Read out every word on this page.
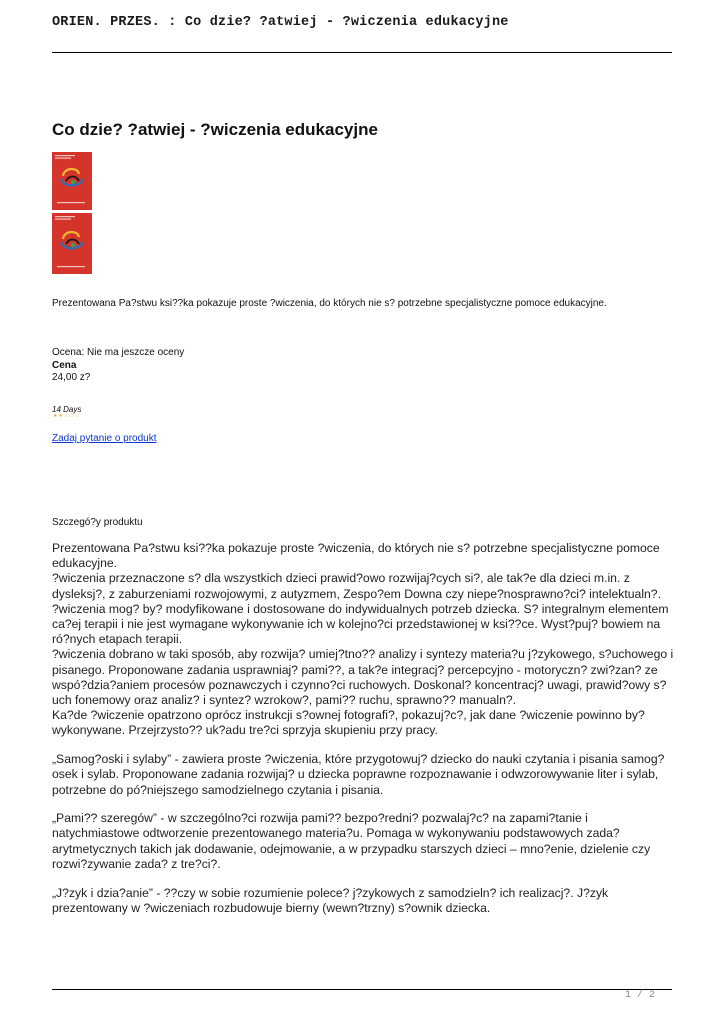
ORIEN. PRZES. : Co dzie? ?atwiej - ?wiczenia edukacyjne
Co dzie? ?atwiej - ?wiczenia edukacyjne
Prezentowana Pa?stwu ksi??ka pokazuje proste ?wiczenia, do których nie s? potrzebne specjalistyczne pomoce edukacyjne.
Ocena: Nie ma jeszcze oceny
Cena
24,00 z?
14 Days
★★☆☆☆
Zadaj pytanie o produkt
Szczegó?y produktu

Prezentowana Pa?stwu ksi??ka pokazuje proste ?wiczenia, do których nie s? potrzebne specjalistyczne pomoce edukacyjne.
?wiczenia przeznaczone s? dla wszystkich dzieci prawid?owo rozwijaj?cych si?, ale tak?e dla dzieci m.in. z dysleksj?, z zaburzeniami rozwojowymi, z autyzmem, Zespo?em Downa czy niepe?nosprawno?ci? intelektualn?.
?wiczenia mog? by? modyfikowane i dostosowane do indywidualnych potrzeb dziecka. S? integralnym elementem ca?ej terapii i nie jest wymagane wykonywanie ich w kolejno?ci przedstawionej w ksi??ce. Wyst?puj? bowiem na ró?nych etapach terapii.
?wiczenia dobrano w taki sposób, aby rozwija? umiej?tno?? analizy i syntezy materia?u j?zykowego, s?uchowego i pisanego. Proponowane zadania usprawniaj? pami??, a tak?e integracj? percepcyjno - motoryczn? zwi?zan? ze wspó?dzia?aniem procesów poznawczych i czynno?ci ruchowych. Doskonal? koncentracj? uwagi, prawid?owy s?uch fonemowy oraz analiz? i syntez? wzrokow?, pami?? ruchu, sprawno?? manualn?.
Ka?de ?wiczenie opatrzono oprócz instrukcji s?ownej fotografi?, pokazuj?c?, jak dane ?wiczenie powinno by? wykonywane. Przejrzysto?? uk?adu tre?ci sprzyja skupieniu przy pracy.

„Samog?oski i sylaby” - zawiera proste ?wiczenia, które przygotowuj? dziecko do nauki czytania i pisania samog?osek i sylab. Proponowane zadania rozwijaj? u dziecka poprawne rozpoznawanie i odwzorowywanie liter i sylab, potrzebne do pó?niejszego samodzielnego czytania i pisania.

„Pami?? szeregów” - w szczególno?ci rozwija pami?? bezpo?redni? pozwalaj?c? na zapami?tanie i natychmiastowe odtworzenie prezentowanego materia?u. Pomaga w wykonywaniu podstawowych zada? arytmetycznych takich jak dodawanie, odejmowanie, a w przypadku starszych dzieci – mno?enie, dzielenie czy rozwi?zywanie zada? z tre?ci?.

„J?zyk i dzia?anie” - ??czy w sobie rozumienie polece? j?zykowych z samodzieln? ich realizacj?. J?zyk prezentowany w ?wiczeniach rozbudowuje bierny (wewn?trzny) s?ownik dziecka.

1 / 2
